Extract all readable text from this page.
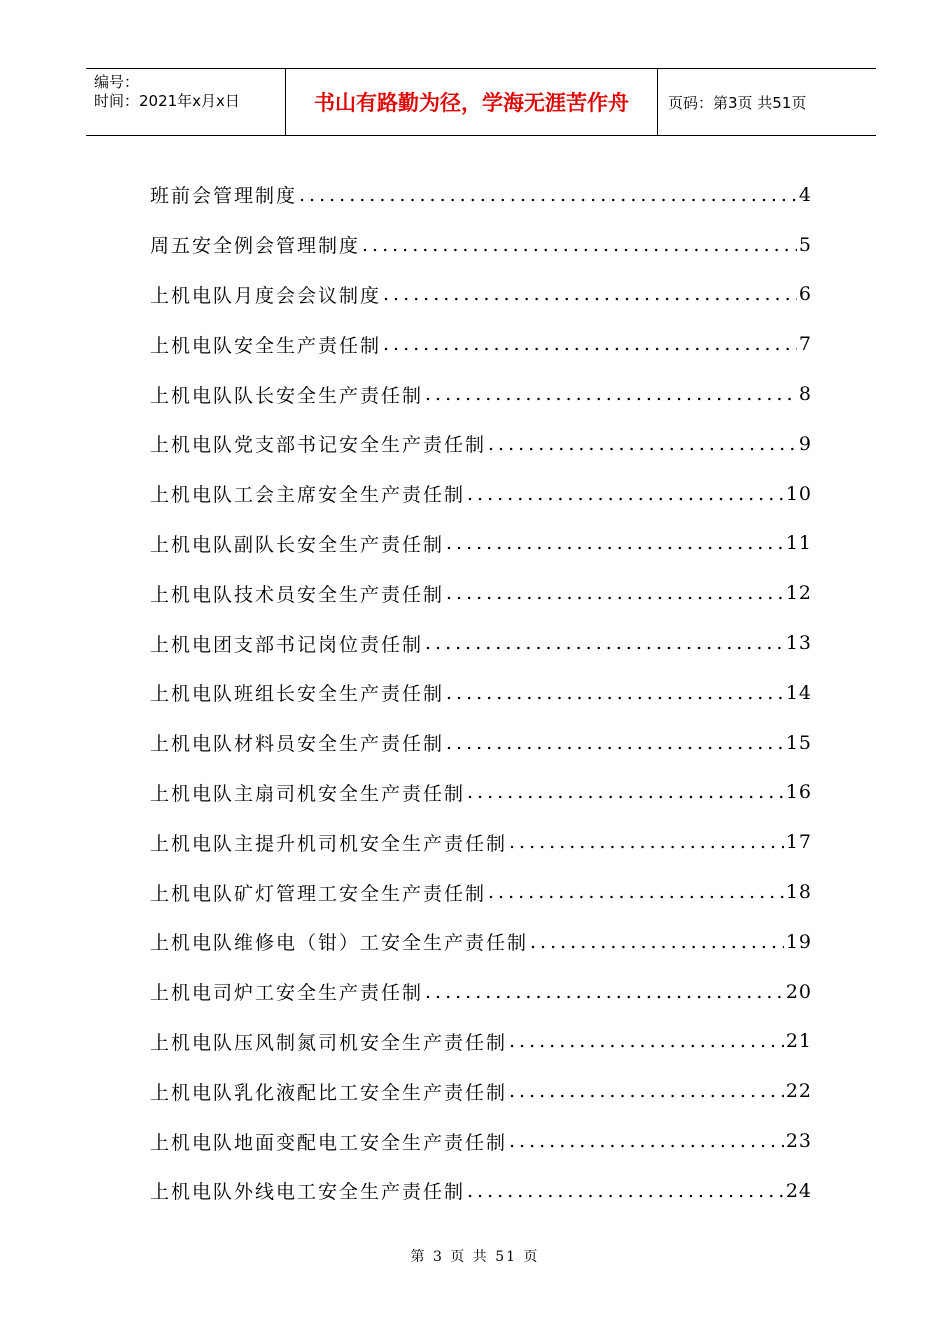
编号：
时间：2021年x月x日	书山有路勤为径，学海无涯苦作舟	页码：第3页 共51页
班前会管理制度 .....	4
周五安全例会管理制度 .....	5
上机电队月度会会议制度 .....	6
上机电队安全生产责任制 .....	7
上机电队队长安全生产责任制 .....	8
上机电队党支部书记安全生产责任制 .....	9
上机电队工会主席安全生产责任制 .....	10
上机电队副队长安全生产责任制 .....	11
上机电队技术员安全生产责任制 .....	12
上机电团支部书记岗位责任制 .....	13
上机电队班组长安全生产责任制 .....	14
上机电队材料员安全生产责任制 .....	15
上机电队主扇司机安全生产责任制 .....	16
上机电队主提升机司机安全生产责任制 .....	17
上机电队矿灯管理工安全生产责任制 .....	18
上机电队维修电（钳）工安全生产责任制 .....	19
上机电司炉工安全生产责任制 .....	20
上机电队压风制氮司机安全生产责任制 .....	21
上机电队乳化液配比工安全生产责任制 .....	22
上机电队地面变配电工安全生产责任制 .....	23
上机电队外线电工安全生产责任制 .....	24
第 3 页 共 51 页
